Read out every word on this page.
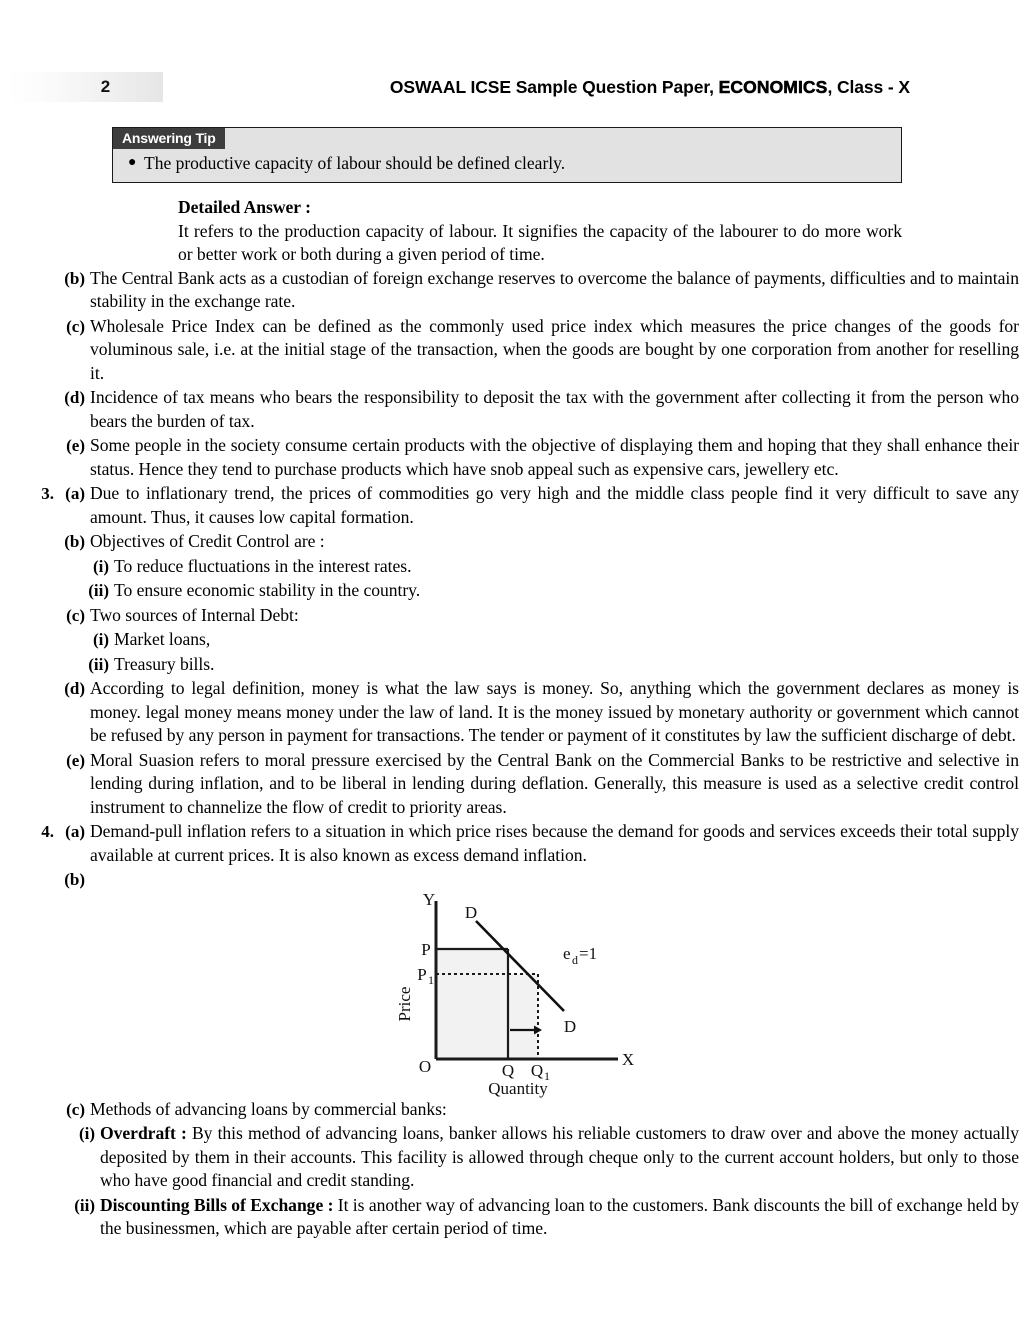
2	OSWAAL ICSE Sample Question Paper, ECONOMICS, Class - X
Answering Tip
● The productive capacity of labour should be defined clearly.
Detailed Answer :
It refers to the production capacity of labour. It signifies the capacity of the labourer to do more work or better work or both during a given period of time.
(b) The Central Bank acts as a custodian of foreign exchange reserves to overcome the balance of payments, difficulties and to maintain stability in the exchange rate.
(c) Wholesale Price Index can be defined as the commonly used price index which measures the price changes of the goods for voluminous sale, i.e. at the initial stage of the transaction, when the goods are bought by one corporation from another for reselling it.
(d) Incidence of tax means who bears the responsibility to deposit the tax with the government after collecting it from the person who bears the burden of tax.
(e) Some people in the society consume certain products with the objective of displaying them and hoping that they shall enhance their status. Hence they tend to purchase products which have snob appeal such as expensive cars, jewellery etc.
3. (a) Due to inflationary trend, the prices of commodities go very high and the middle class people find it very difficult to save any amount. Thus, it causes low capital formation.
(b) Objectives of Credit Control are :
(i) To reduce fluctuations in the interest rates.
(ii) To ensure economic stability in the country.
(c) Two sources of Internal Debt:
(i) Market loans,
(ii) Treasury bills.
(d) According to legal definition, money is what the law says is money. So, anything which the government declares as money is money. legal money means money under the law of land. It is the money issued by monetary authority or government which cannot be refused by any person in payment for transactions. The tender or payment of it constitutes by law the sufficient discharge of debt.
(e) Moral Suasion refers to moral pressure exercised by the Central Bank on the Commercial Banks to be restrictive and selective in lending during inflation, and to be liberal in lending during deflation. Generally, this measure is used as a selective credit control instrument to channelize the flow of credit to priority areas.
4. (a) Demand-pull inflation refers to a situation in which price rises because the demand for goods and services exceeds their total supply available at current prices. It is also known as excess demand inflation.
(b)
Y
X
O
D
D
e d =1
P
P 1
Q Q 1
Price
Quantity
(c) Methods of advancing loans by commercial banks:
(i) Overdraft : By this method of advancing loans, banker allows his reliable customers to draw over and above the money actually deposited by them in their accounts. This facility is allowed through cheque only to the current account holders, but only to those who have good financial and credit standing.
(ii) Discounting Bills of Exchange : It is another way of advancing loan to the customers. Bank discounts the bill of exchange held by the businessmen, which are payable after certain period of time.
